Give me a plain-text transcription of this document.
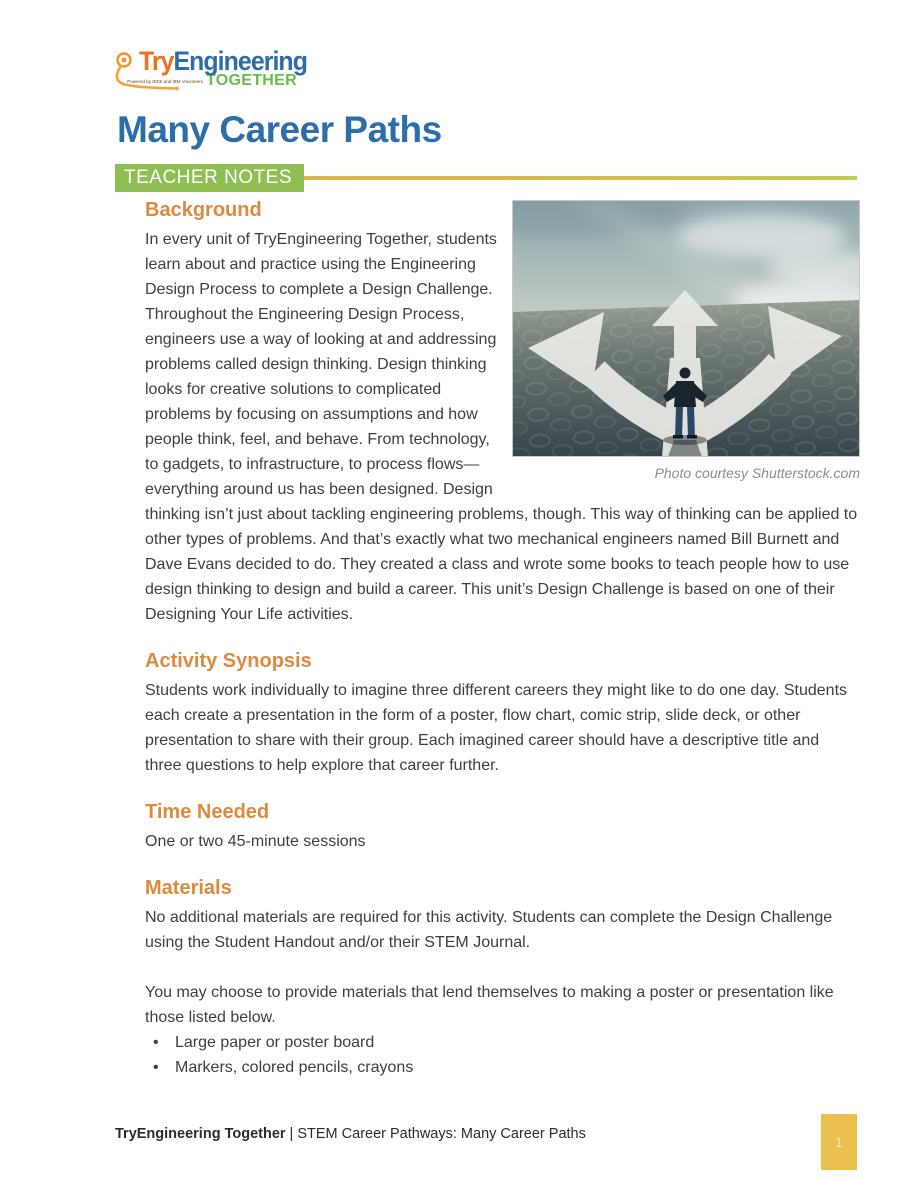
TryEngineering
Powered by IEEE and IBM Volunteers TOGETHER
Many Career Paths
TEACHER NOTES
Photo courtesy Shutterstock.com
Background

In every unit of TryEngineering Together, students learn about and practice using the Engineering Design Process to complete a Design Challenge. Throughout the Engineering Design Process, engineers use a way of looking at and addressing problems called design thinking. Design thinking looks for creative solutions to complicated problems by focusing on assumptions and how people think, feel, and behave. From technology, to gadgets, to infrastructure, to process flows—everything around us has been designed. Design thinking isn’t just about tackling engineering problems, though. This way of thinking can be applied to other types of problems. And that’s exactly what two mechanical engineers named Bill Burnett and Dave Evans decided to do. They created a class and wrote some books to teach people how to use design thinking to design and build a career. This unit’s Design Challenge is based on one of their Designing Your Life activities.

Activity Synopsis

Students work individually to imagine three different careers they might like to do one day. Students each create a presentation in the form of a poster, flow chart, comic strip, slide deck, or other presentation to share with their group. Each imagined career should have a descriptive title and three questions to help explore that career further.

Time Needed

One or two 45-minute sessions

Materials

No additional materials are required for this activity. Students can complete the Design Challenge using the Student Handout and/or their STEM Journal.

You may choose to provide materials that lend themselves to making a poster or presentation like those listed below.

•	Large paper or poster board
•	Markers, colored pencils, crayons
TryEngineering Together | STEM Career Pathways: Many Career Paths	1
